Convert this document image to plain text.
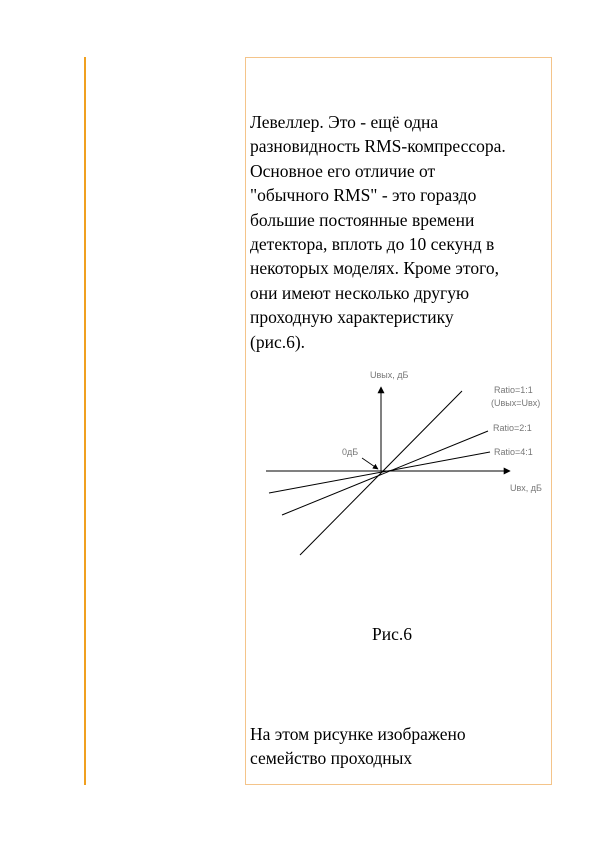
Левеллер. Это - ещё одна
разновидность RMS-компрессора.
Основное его отличие от
"обычного RMS" - это гораздо
большие постоянные времени
детектора, вплоть до 10 секунд в
некоторых моделях. Кроме этого,
они имеют несколько другую
проходную характеристику
(рис.6).

Uвых, дБ
Uвх, дБ
0дБ
Ratio=1:1
(Uвых=Uвх)
Ratio=2:1
Ratio=4:1
Рис.6

На этом рисунке изображено
семейство проходных
